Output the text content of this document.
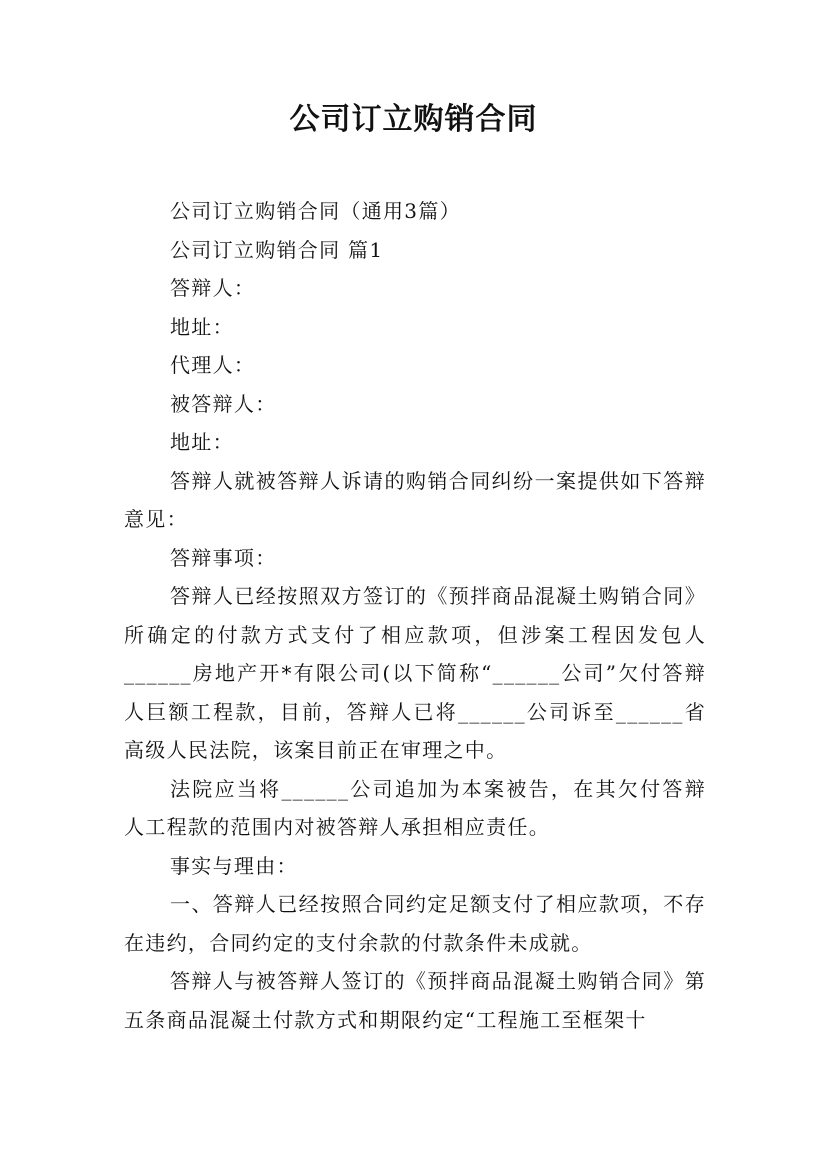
公司订立购销合同

公司订立购销合同（通用3篇）

公司订立购销合同 篇1

答辩人：

地址：

代理人：

被答辩人：

地址：

答辩人就被答辩人诉请的购销合同纠纷一案提供如下答辩意见：

答辩事项：

答辩人已经按照双方签订的《预拌商品混凝土购销合同》所确定的付款方式支付了相应款项，但涉案工程因发包人______房地产开*有限公司(以下简称“______公司”欠付答辩人巨额工程款，目前，答辩人已将______公司诉至______省高级人民法院，该案目前正在审理之中。

法院应当将______公司追加为本案被告，在其欠付答辩人工程款的范围内对被答辩人承担相应责任。

事实与理由：

一、答辩人已经按照合同约定足额支付了相应款项，不存在违约，合同约定的支付余款的付款条件未成就。

答辩人与被答辩人签订的《预拌商品混凝土购销合同》第五条商品混凝土付款方式和期限约定“工程施工至框架十
